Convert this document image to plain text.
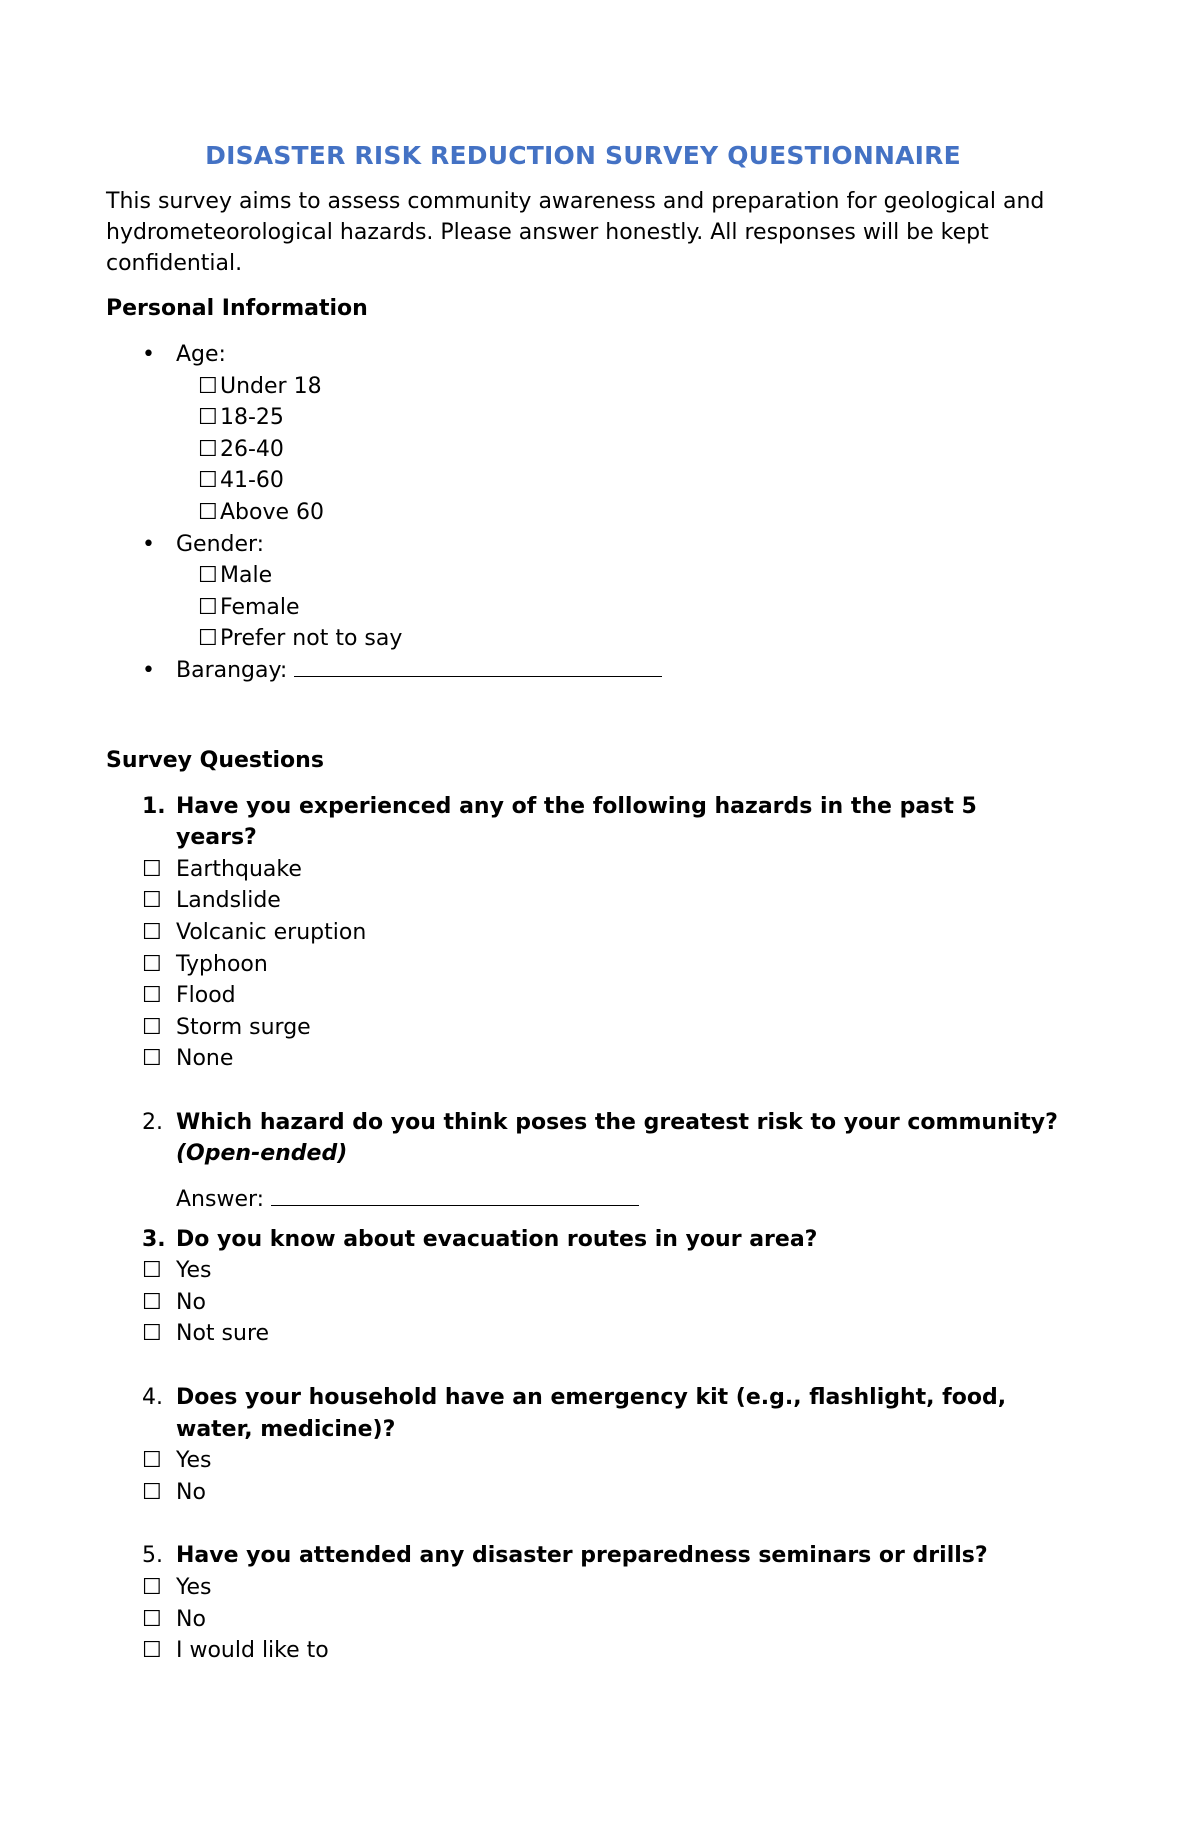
DISASTER RISK REDUCTION SURVEY QUESTIONNAIRE

This survey aims to assess community awareness and preparation for geological and hydrometeorological hazards. Please answer honestly. All responses will be kept confidential.

Personal Information
• Age:
☐ Under 18
☐ 18-25
☐ 26-40
☐ 41-60
☐ Above 60
• Gender:
☐ Male
☐ Female
☐ Prefer not to say
• Barangay:
Survey Questions
1. Have you experienced any of the following hazards in the past 5 years?
☐ Earthquake
☐ Landslide
☐ Volcanic eruption
☐ Typhoon
☐ Flood
☐ Storm surge
☐ None
2. Which hazard do you think poses the greatest risk to your community? (Open-ended)
Answer:
3. Do you know about evacuation routes in your area?
☐ Yes
☐ No
☐ Not sure
4. Does your household have an emergency kit (e.g., flashlight, food, water, medicine)?
☐ Yes
☐ No
5. Have you attended any disaster preparedness seminars or drills?
☐ Yes
☐ No
☐ I would like to
